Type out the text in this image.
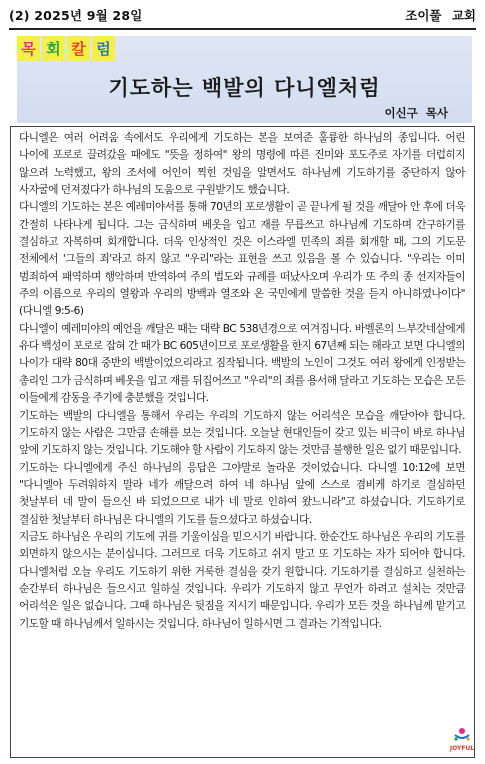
(2) 2025년 9월 28일	조이풀 교회
목 회 칼 럼
기도하는 백발의 다니엘처럼
이신구 목사

다니엘은 여러 어려움 속에서도 우리에게 기도하는 본을 보여준 훌륭한 하나님의 종입니다. 어린 나이에 포로로 끌려갔을 때에도 "뜻을 정하여" 왕의 명령에 따른 진미와 포도주로 자기를 더럽히지 않으려 노력했고, 왕의 조서에 어인이 찍힌 것임을 알면서도 하나님께 기도하기를 중단하지 않아 사자굴에 던져졌다가 하나님의 도움으로 구원받기도 했습니다.

다니엘의 기도하는 본은 예레미야서를 통해 70년의 포로생활이 곧 끝나게 될 것을 깨달아 안 후에 더욱 간절히 나타나게 됩니다. 그는 금식하며 베옷을 입고 재를 무릅쓰고 하나님께 기도하며 간구하기를 결심하고 자복하며 회개합니다. 더욱 인상적인 것은 이스라엘 민족의 죄를 회개할 때, 그의 기도문 전체에서 '그들의 죄'라고 하지 않고 "우리"라는 표현을 쓰고 있음을 볼 수 있습니다. "우리는 이미 범죄하여 패역하며 행악하며 반역하여 주의 법도와 규례를 떠났사오며 우리가 또 주의 종 선지자들이 주의 이름으로 우리의 열왕과 우리의 방백과 열조와 온 국민에게 말씀한 것을 듣지 아니하였나이다"(다니엘 9:5-6)

다니엘이 예레미야의 예언을 깨달은 때는 대략 BC 538년경으로 여겨집니다. 바벨론의 느부갓네살에게 유다 백성이 포로로 잡혀 간 때가 BC 605년이므로 포로생활을 한지 67년째 되는 해라고 보면 다니엘의 나이가 대략 80대 중반의 백발이었으리라고 짐작됩니다. 백발의 노인이 그것도 여러 왕에게 인정받는 총리인 그가 금식하며 베옷을 입고 재를 뒤집어쓰고 "우리"의 죄를 용서해 달라고 기도하는 모습은 모든 이들에게 감동을 주기에 충분했을 것입니다.

기도하는 백발의 다니엘을 통해서 우리는 우리의 기도하지 않는 어리석은 모습을 깨닫아야 합니다. 기도하지 않는 사람은 그만큼 손해를 보는 것입니다. 오늘날 현대인들이 갖고 있는 비극이 바로 하나님 앞에 기도하지 않는 것입니다. 기도해야 할 사람이 기도하지 않는 것만큼 불행한 일은 없기 때문입니다.

기도하는 다니엘에게 주신 하나님의 응답은 그야말로 놀라운 것이었습니다. 다니엘 10:12에 보면 "다니엘아 두려워하지 말라 네가 깨달으려 하여 네 하나님 앞에 스스로 겸비케 하기로 결심하던 첫날부터 네 말이 들으신 바 되었으므로 내가 네 말로 인하여 왔느니라"고 하셨습니다. 기도하기로 결심한 첫날부터 하나님은 다니엘의 기도를 들으셨다고 하셨습니다.

지금도 하나님은 우리의 기도에 귀를 기울이심을 믿으시기 바랍니다. 한순간도 하나님은 우리의 기도를 외면하지 않으시는 분이십니다. 그러므로 더욱 기도하고 쉬지 말고 또 기도하는 자가 되어야 합니다. 다니엘처럼 오늘 우리도 기도하기 위한 거룩한 결심을 갖기 원합니다. 기도하기를 결심하고 실천하는 순간부터 하나님은 들으시고 일하실 것입니다. 우리가 기도하지 않고 무언가 하려고 설치는 것만큼 어리석은 일은 없습니다. 그때 하나님은 뒷짐을 지시기 때문입니다. 우리가 모든 것을 하나님께 맡기고 기도할 때 하나님께서 일하시는 것입니다. 하나님이 일하시면 그 결과는 기적입니다.

JOYFUL
